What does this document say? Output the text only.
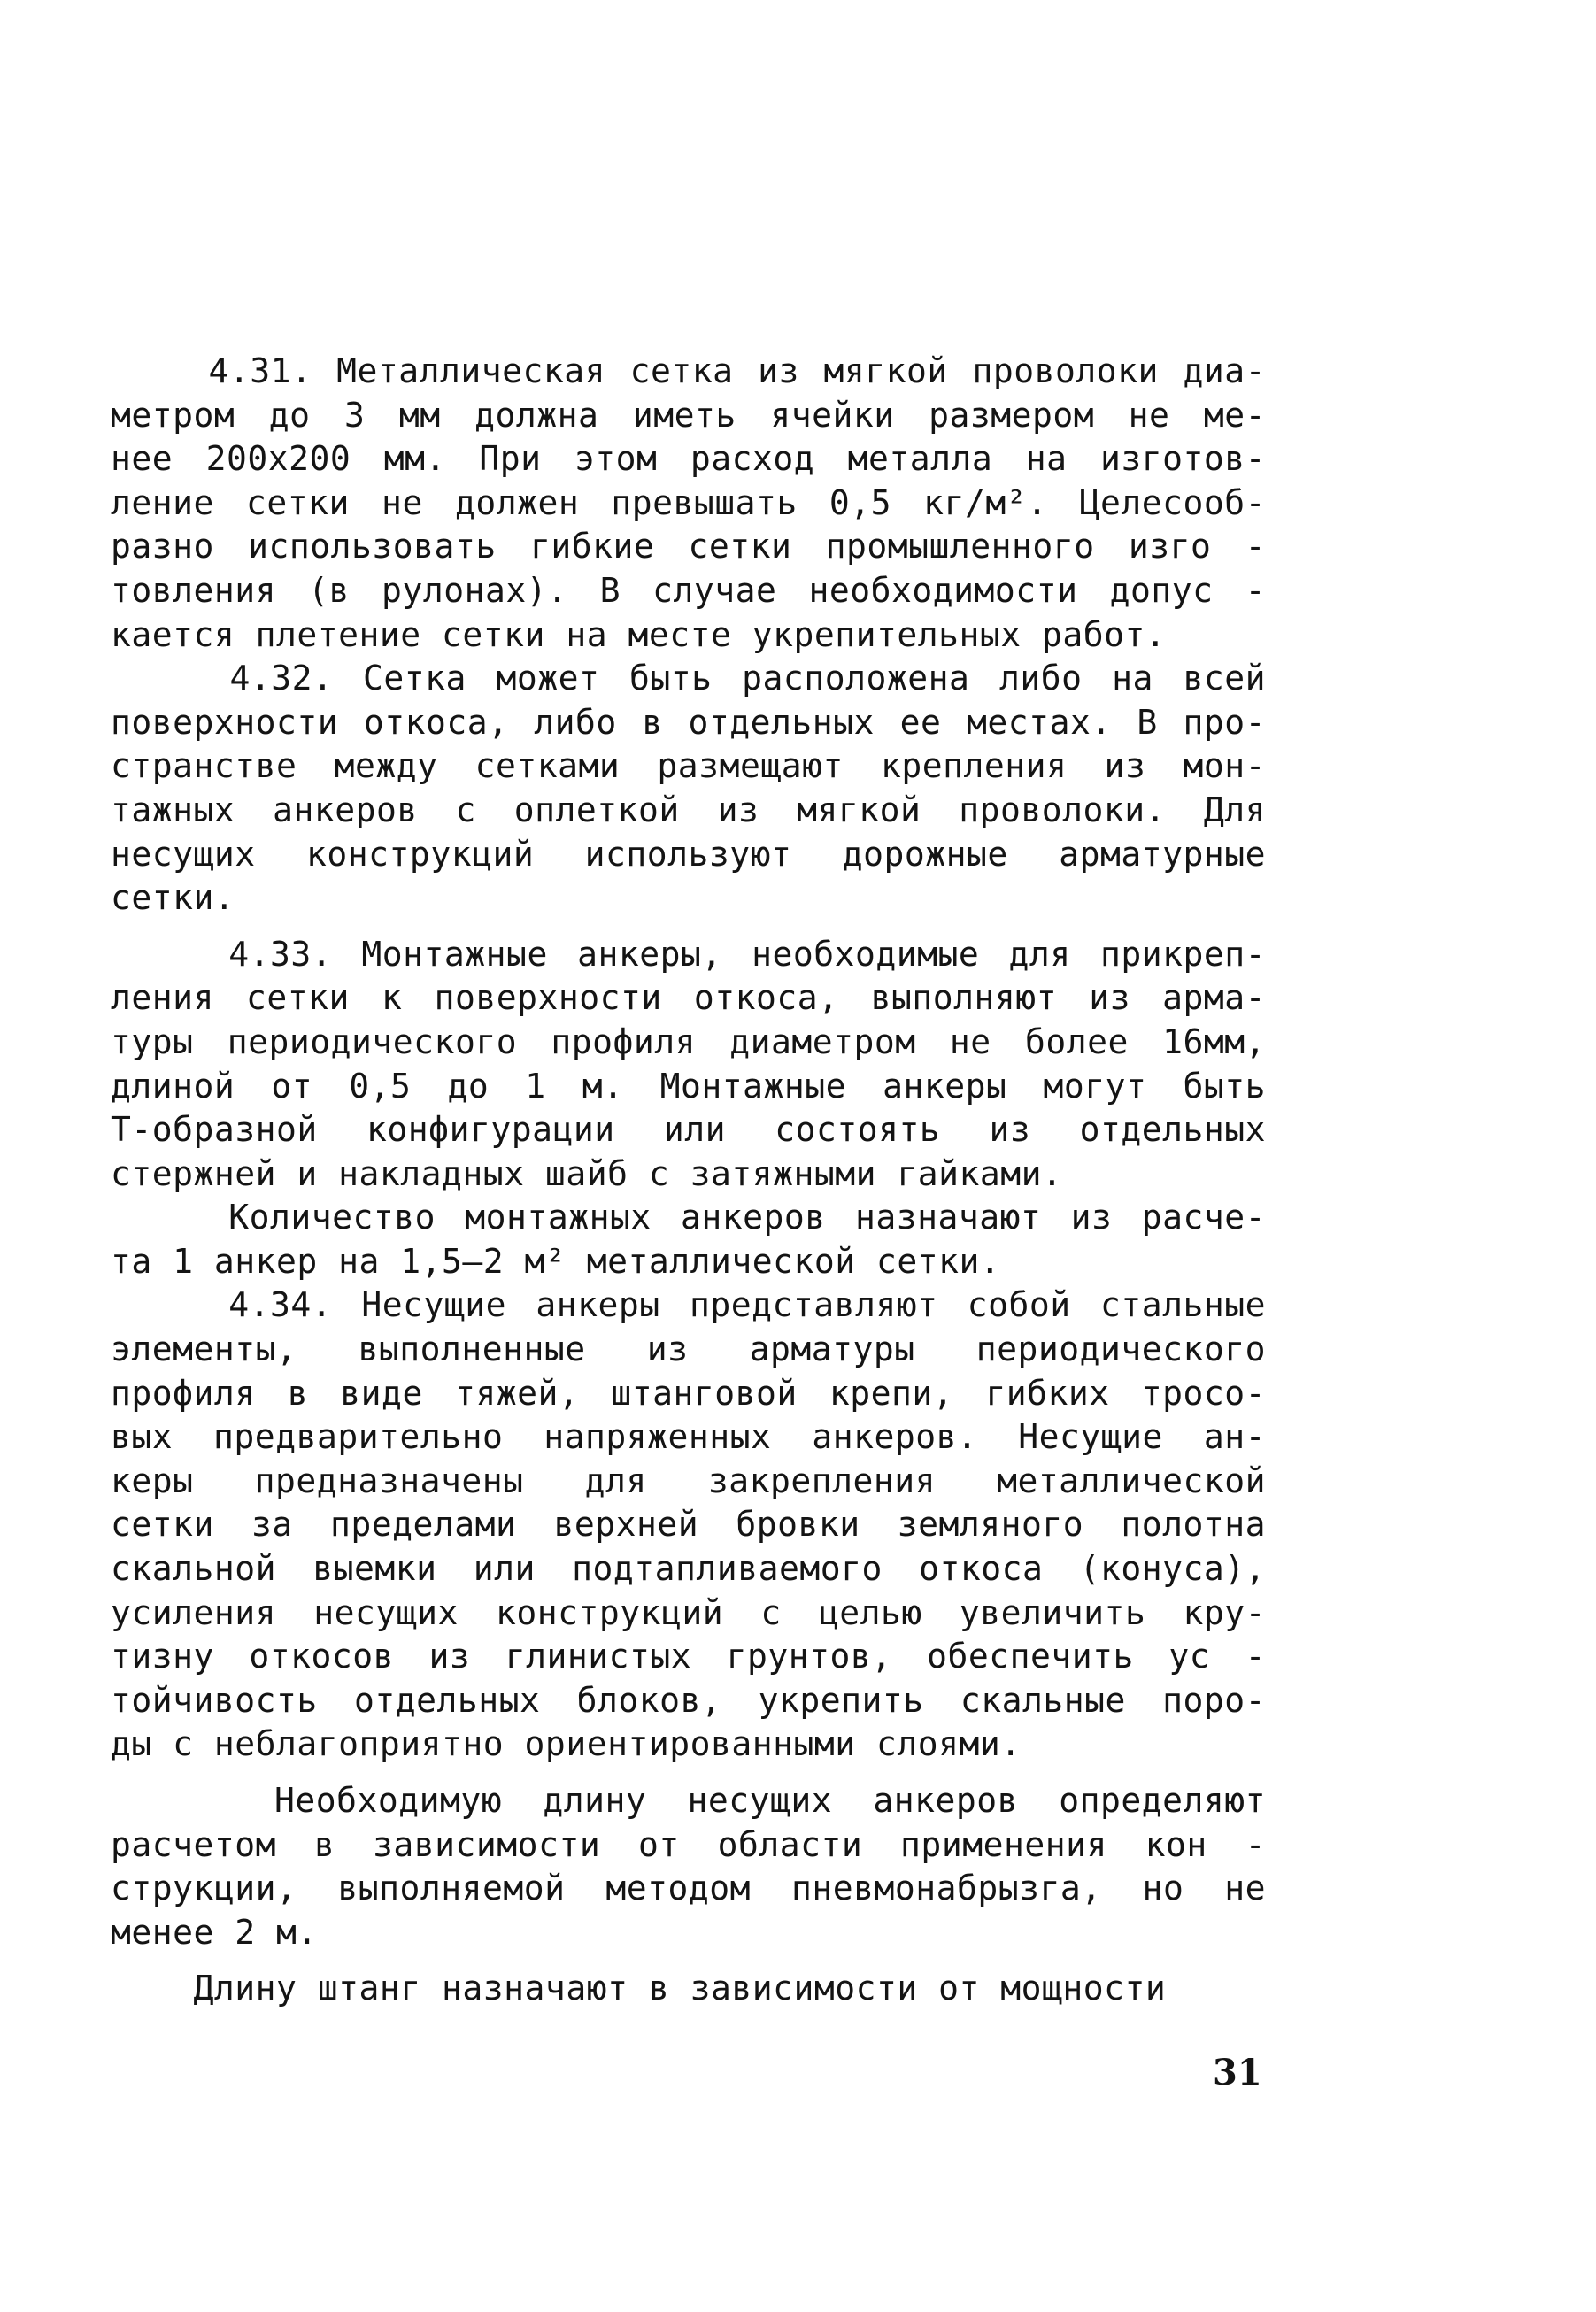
4.31. Металлическая сетка из мягкой проволоки диа-
метром до 3 мм должна иметь ячейки размером не ме-
нее 200х200 мм. При этом расход металла на изготов-
ление сетки не должен превышать 0,5 кг/м². Целесооб-
разно использовать гибкие сетки промышленного изго -
товления (в рулонах). В случае необходимости допус -
кается плетение сетки на месте укрепительных работ.
4.32. Сетка может быть расположена либо на всей
поверхности откоса, либо в отдельных ее местах. В про-
странстве между сетками размещают крепления из мон-
тажных анкеров с оплеткой из мягкой проволоки. Для
несущих конструкций используют дорожные арматурные
сетки.
4.33. Монтажные анкеры, необходимые для прикреп-
ления сетки к поверхности откоса, выполняют из арма-
туры периодического профиля диаметром не более 16мм,
длиной от 0,5 до 1 м. Монтажные анкеры могут быть
Т-образной конфигурации или состоять из отдельных
стержней и накладных шайб с затяжными гайками.
Количество монтажных анкеров назначают из расче-
та 1 анкер на 1,5–2 м² металлической сетки.
4.34. Несущие анкеры представляют собой стальные
элементы, выполненные из арматуры периодического
профиля в виде тяжей, штанговой крепи, гибких тросо-
вых предварительно напряженных анкеров. Несущие ан-
керы предназначены для закрепления металлической
сетки за пределами верхней бровки земляного полотна
скальной выемки или подтапливаемого откоса (конуса),
усиления несущих конструкций с целью увеличить кру-
тизну откосов из глинистых грунтов, обеспечить ус -
тойчивость отдельных блоков, укрепить скальные поро-
ды с неблагоприятно ориентированными слоями.
Необходимую длину несущих анкеров определяют
расчетом в зависимости от области применения кон -
струкции, выполняемой методом пневмонабрызга, но не
менее 2 м.
Длину штанг назначают в зависимости от мощности
31
